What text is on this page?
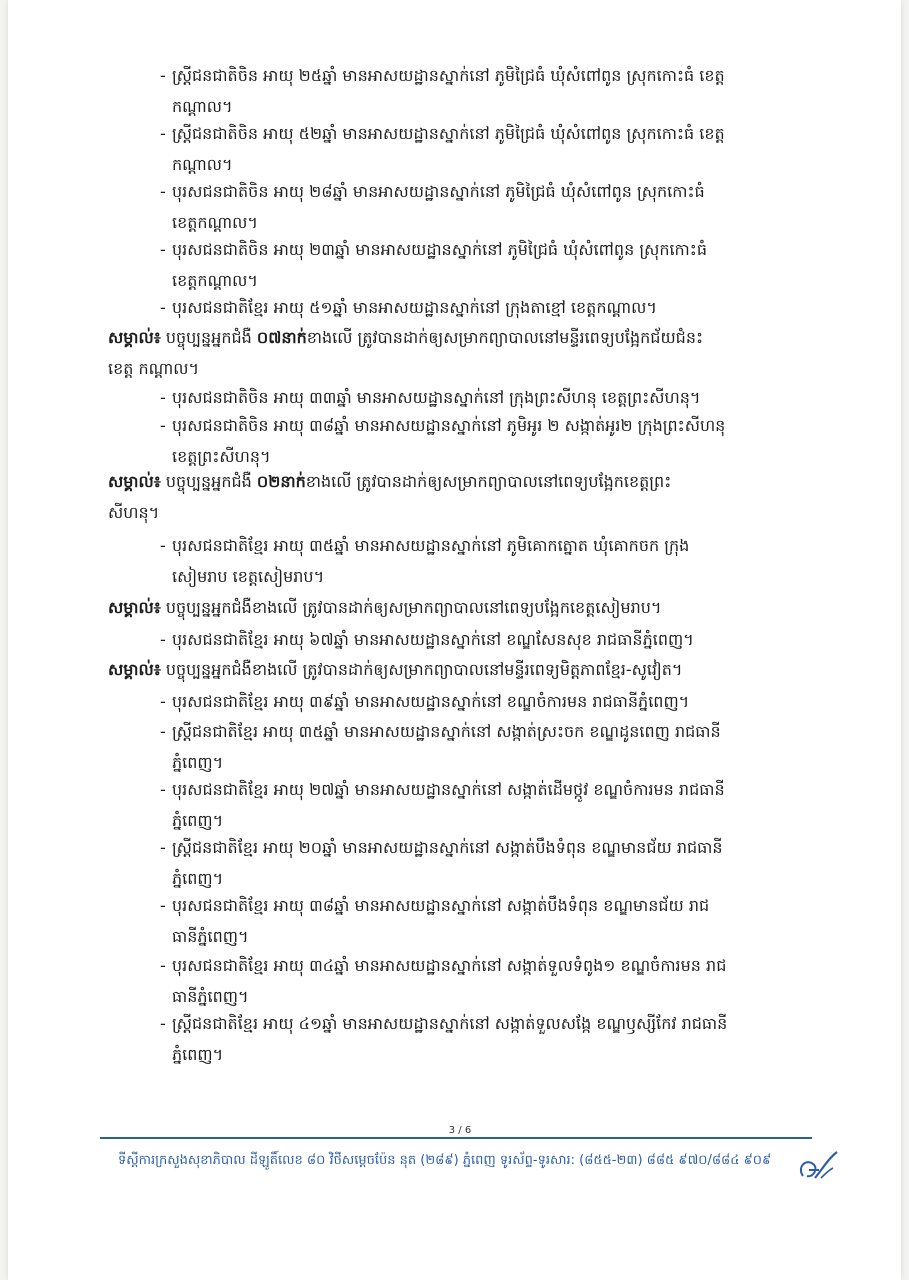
- ស្ត្រីជនជាតិចិន អាយុ ២៥ឆ្នាំ មានអាសយដ្ឋានស្នាក់នៅ ភូមិជ្រៃធំ ឃុំសំពៅពូន ស្រុកកោះធំ ខេត្ត
កណ្ដាល។
- ស្ត្រីជនជាតិចិន អាយុ ៥២ឆ្នាំ មានអាសយដ្ឋានស្នាក់នៅ ភូមិជ្រៃធំ ឃុំសំពៅពូន ស្រុកកោះធំ ខេត្ត
កណ្ដាល។
- បុរសជនជាតិចិន អាយុ ២៨ឆ្នាំ មានអាសយដ្ឋានស្នាក់នៅ ភូមិជ្រៃធំ ឃុំសំពៅពូន ស្រុកកោះធំ
ខេត្តកណ្ដាល។
- បុរសជនជាតិចិន អាយុ ២៣ឆ្នាំ មានអាសយដ្ឋានស្នាក់នៅ ភូមិជ្រៃធំ ឃុំសំពៅពូន ស្រុកកោះធំ
ខេត្តកណ្ដាល។
- បុរសជនជាតិខ្មែរ អាយុ ៥១ឆ្នាំ មានអាសយដ្ឋានស្នាក់នៅ ក្រុងតាខ្មៅ ខេត្តកណ្ដាល។
សម្គាល់៖ បច្ចុប្បន្នអ្នកជំងឺ ០៧នាក់ខាងលើ ត្រូវបានដាក់ឲ្យសម្រាកព្យាបាលនៅមន្ទីរពេទ្យបង្អែកជ័យជំនះ
ខេត្ត កណ្ដាល។
- បុរសជនជាតិចិន អាយុ ៣៣ឆ្នាំ មានអាសយដ្ឋានស្នាក់នៅ ក្រុងព្រះសីហនុ ខេត្តព្រះសីហនុ។
- បុរសជនជាតិចិន អាយុ ៣៨ឆ្នាំ មានអាសយដ្ឋានស្នាក់នៅ ភូមិអូរ ២ សង្កាត់អូរ២ ក្រុងព្រះសីហនុ
ខេត្តព្រះសីហនុ។
សម្គាល់៖ បច្ចុប្បន្នអ្នកជំងឺ ០២នាក់ខាងលើ ត្រូវបានដាក់ឲ្យសម្រាកព្យាបាលនៅពេទ្យបង្អែកខេត្តព្រះ
សីហនុ។
- បុរសជនជាតិខ្មែរ អាយុ ៣៥ឆ្នាំ មានអាសយដ្ឋានស្នាក់នៅ ភូមិគោកត្នោត ឃុំគោកចក ក្រុង
សៀមរាប ខេត្តសៀមរាប។
សម្គាល់៖ បច្ចុប្បន្នអ្នកជំងឺខាងលើ ត្រូវបានដាក់ឲ្យសម្រាកព្យាបាលនៅពេទ្យបង្អែកខេត្តសៀមរាប។
- បុរសជនជាតិខ្មែរ អាយុ ៦៧ឆ្នាំ មានអាសយដ្ឋានស្នាក់នៅ ខណ្ឌសែនសុខ រាជធានីភ្នំពេញ។
សម្គាល់៖ បច្ចុប្បន្នអ្នកជំងឺខាងលើ ត្រូវបានដាក់ឲ្យសម្រាកព្យាបាលនៅមន្ទីរពេទ្យមិត្តភាពខ្មែរ-សូវៀត។
- បុរសជនជាតិខ្មែរ អាយុ ៣៩ឆ្នាំ មានអាសយដ្ឋានស្នាក់នៅ ខណ្ឌចំការមន រាជធានីភ្នំពេញ។
- ស្ត្រីជនជាតិខ្មែរ អាយុ ៣៥ឆ្នាំ មានអាសយដ្ឋានស្នាក់នៅ សង្កាត់ស្រះចក ខណ្ឌដូនពេញ រាជធានី
ភ្នំពេញ។
- បុរសជនជាតិខ្មែរ អាយុ ២៧ឆ្នាំ មានអាសយដ្ឋានស្នាក់នៅ សង្កាត់ដើមថ្កូវ ខណ្ឌចំការមន រាជធានី
ភ្នំពេញ។
- ស្ត្រីជនជាតិខ្មែរ អាយុ ២០ឆ្នាំ មានអាសយដ្ឋានស្នាក់នៅ សង្កាត់បឹងទំពុន ខណ្ឌមានជ័យ រាជធានី
ភ្នំពេញ។
- បុរសជនជាតិខ្មែរ អាយុ ៣៨ឆ្នាំ មានអាសយដ្ឋានស្នាក់នៅ សង្កាត់បឹងទំពុន ខណ្ឌមានជ័យ រាជ
ធានីភ្នំពេញ។
- បុរសជនជាតិខ្មែរ អាយុ ៣៤ឆ្នាំ មានអាសយដ្ឋានស្នាក់នៅ សង្កាត់ទួលទំពូង១ ខណ្ឌចំការមន រាជ
ធានីភ្នំពេញ។
- ស្ត្រីជនជាតិខ្មែរ អាយុ ៤១ឆ្នាំ មានអាសយដ្ឋានស្នាក់នៅ សង្កាត់ទួលសង្កែ ខណ្ឌឫស្សីកែវ រាជធានី
ភ្នំពេញ។
3 / 6
ទីស្តីការក្រសួងសុខាភិបាល ដីឡូតិ៍លេខ ៨០ វិថីសម្តេចប៉ែន នុត (២៨៩) ភ្នំពេញ ទូរស័ព្ទ-ទូរសារ: (៨៥៥-២៣) ៨៨៥ ៩៧០/៨៨៤ ៩០៩
